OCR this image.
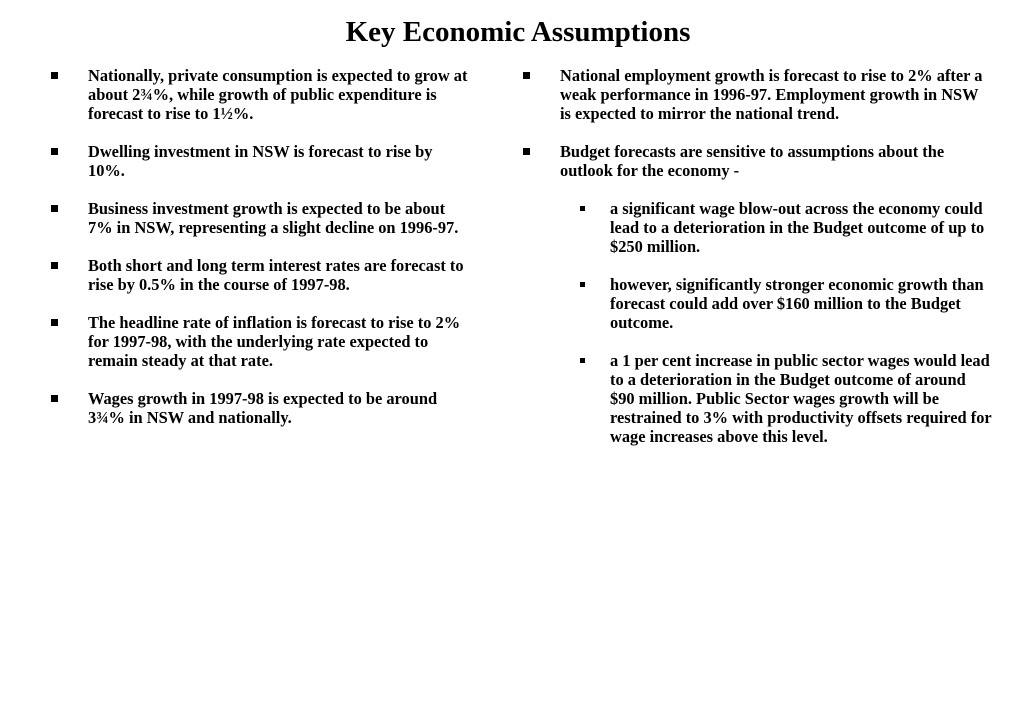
Key Economic Assumptions
Nationally, private consumption is expected to grow at about 2¾%, while growth of public expenditure is forecast to rise to 1½%.
Dwelling investment in NSW is forecast to rise by 10%.
Business investment growth is expected to be about 7% in NSW, representing a slight decline on 1996-97.
Both short and long term interest rates are forecast to rise by 0.5% in the course of 1997-98.
The headline rate of inflation is forecast to rise to 2% for 1997-98, with the underlying rate expected to remain steady at that rate.
Wages growth in 1997-98 is expected to be around 3¾% in NSW and nationally.
National employment growth is forecast to rise to 2% after a weak performance in 1996-97. Employment growth in NSW is expected to mirror the national trend.
Budget forecasts are sensitive to assumptions about the outlook for the economy -
a significant wage blow-out across the economy could lead to a deterioration in the Budget outcome of up to $250 million.
however, significantly stronger economic growth than forecast could add over $160 million to the Budget outcome.
a 1 per cent increase in public sector wages would lead to a deterioration in the Budget outcome of around $90 million. Public Sector wages growth will be restrained to 3% with productivity offsets required for wage increases above this level.
